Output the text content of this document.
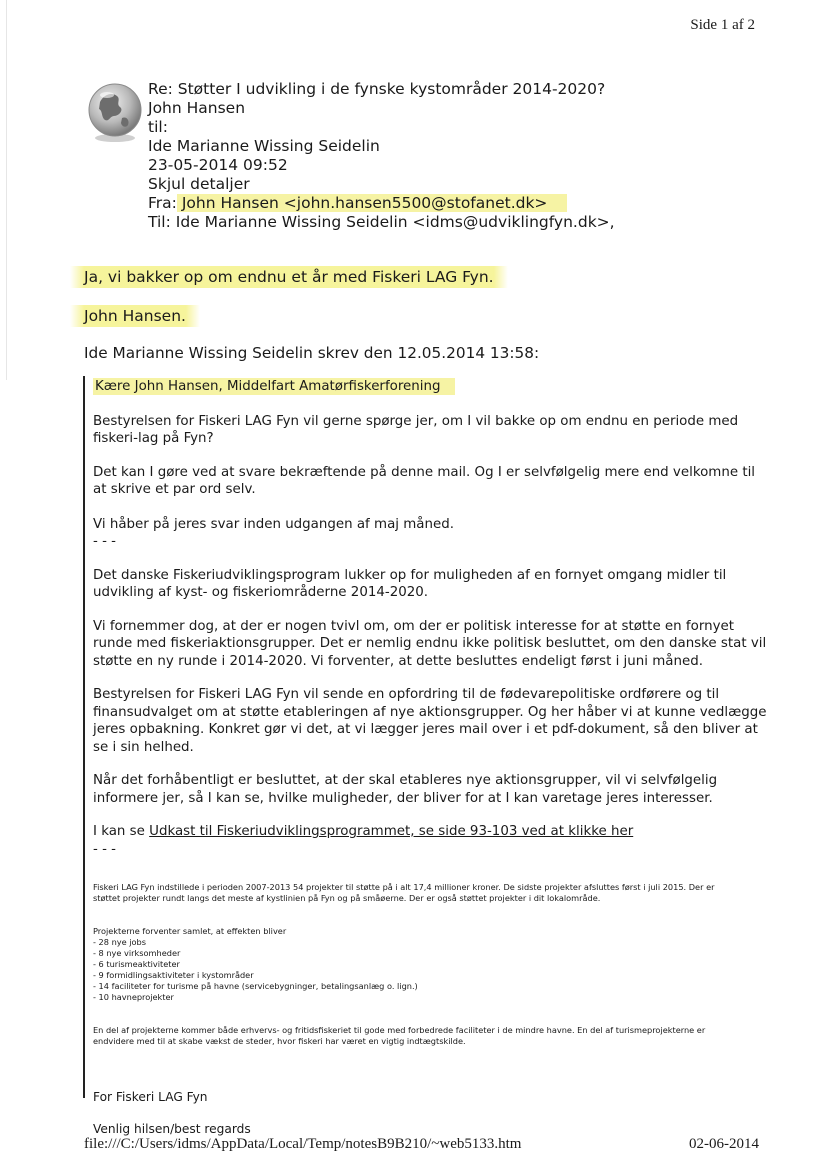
Side 1 af 2
Re: Støtter I udvikling i de fynske kystområder 2014-2020?
John Hansen
til:
Ide Marianne Wissing Seidelin
23-05-2014 09:52
Skjul detaljer
Fra: John Hansen <john.hansen5500@stofanet.dk>
Til: Ide Marianne Wissing Seidelin <idms@udviklingfyn.dk>,
Ja, vi bakker op om endnu et år med Fiskeri LAG Fyn.
John Hansen.
Ide Marianne Wissing Seidelin skrev den 12.05.2014 13:58:

Kære John Hansen, Middelfart Amatørfiskerforening

Bestyrelsen for Fiskeri LAG Fyn vil gerne spørge jer, om I vil bakke op om endnu en periode med fiskeri-lag på Fyn?

Det kan I gøre ved at svare bekræftende på denne mail. Og I er selvfølgelig mere end velkomne til at skrive et par ord selv.

Vi håber på jeres svar inden udgangen af maj måned.

- - -

Det danske Fiskeriudviklingsprogram lukker op for muligheden af en fornyet omgang midler til udvikling af kyst- og fiskeriområderne 2014-2020.

Vi fornemmer dog, at der er nogen tvivl om, om der er politisk interesse for at støtte en fornyet runde med fiskeriaktionsgrupper. Det er nemlig endnu ikke politisk besluttet, om den danske stat vil støtte en ny runde i 2014-2020. Vi forventer, at dette besluttes endeligt først i juni måned.

Bestyrelsen for Fiskeri LAG Fyn vil sende en opfordring til de fødevarepolitiske ordførere og til finansudvalget om at støtte etableringen af nye aktionsgrupper. Og her håber vi at kunne vedlægge jeres opbakning. Konkret gør vi det, at vi lægger jeres mail over i et pdf-dokument, så den bliver at se i sin helhed.

Når det forhåbentligt er besluttet, at der skal etableres nye aktionsgrupper, vil vi selvfølgelig informere jer, så I kan se, hvilke muligheder, der bliver for at I kan varetage jeres interesser.

I kan se Udkast til Fiskeriudviklingsprogrammet, se side 93-103 ved at klikke her

- - -

Fiskeri LAG Fyn indstillede i perioden 2007-2013 54 projekter til støtte på i alt 17,4 millioner kroner. De sidste projekter afsluttes først i juli 2015. Der er
støttet projekter rundt langs det meste af kystlinien på Fyn og på småøerne. Der er også støttet projekter i dit lokalområde.
Projekterne forventer samlet, at effekten bliver
- 28 nye jobs
- 8 nye virksomheder
- 6 turismeaktiviteter
- 9 formidlingsaktiviteter i kystområder
- 14 faciliteter for turisme på havne (servicebygninger, betalingsanlæg o. lign.)
- 10 havneprojekter
En del af projekterne kommer både erhvervs- og fritidsfiskeriet til gode med forbedrede faciliteter i de mindre havne. En del af turismeprojekterne er
endvidere med til at skabe vækst de steder, hvor fiskeri har været en vigtig indtægtskilde.

For Fiskeri LAG Fyn

Venlig hilsen/best regards

file:///C:/Users/idms/AppData/Local/Temp/notesB9B210/~web5133.htm	02-06-2014
